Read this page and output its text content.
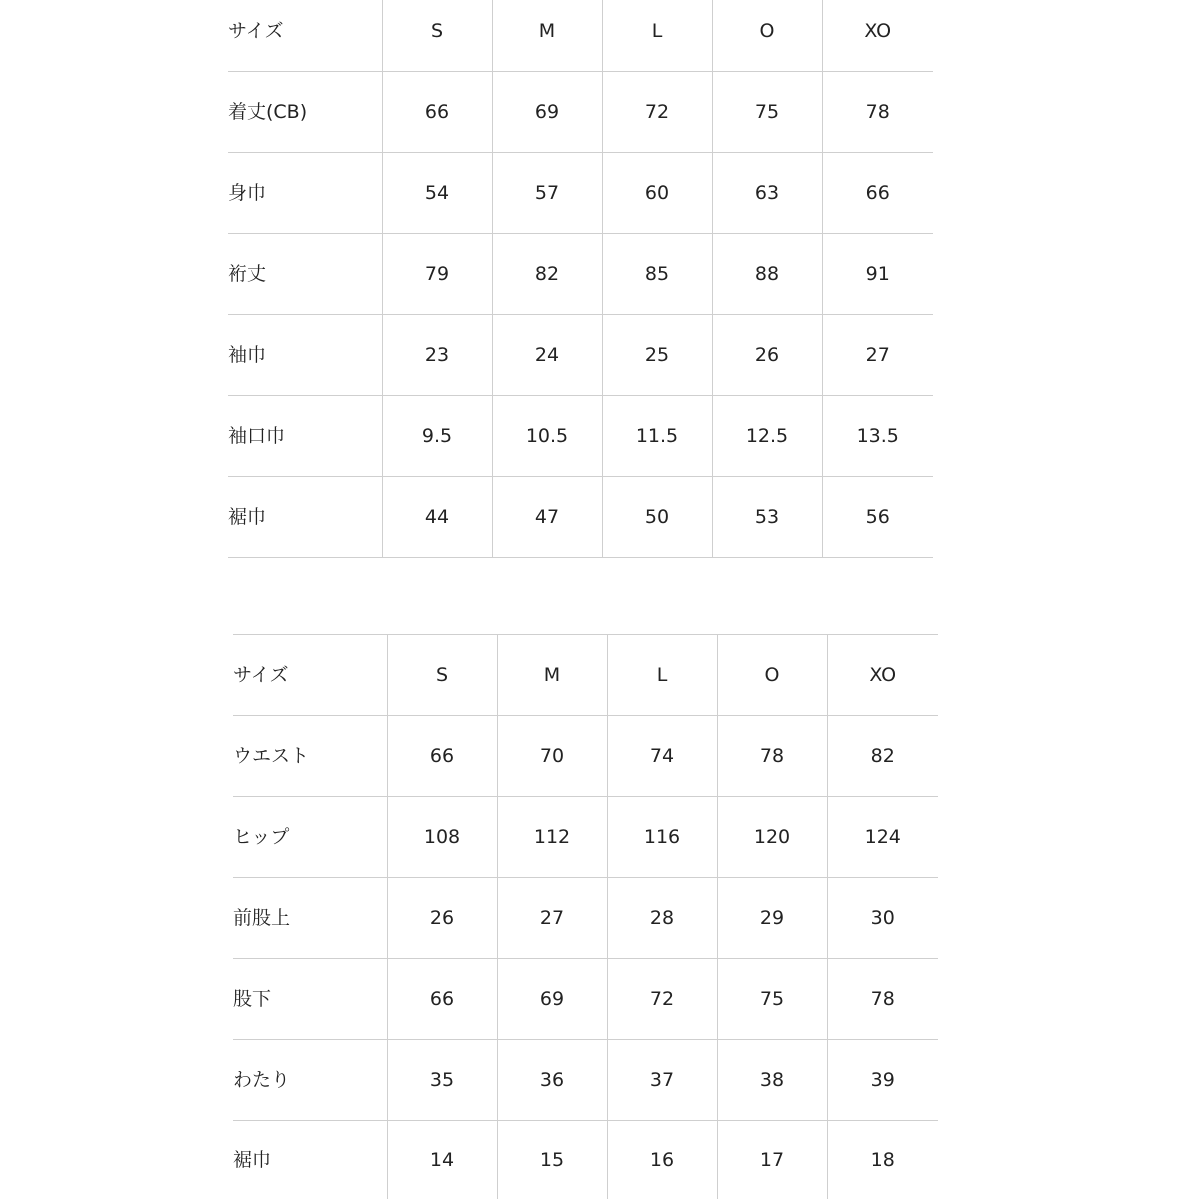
サイズ	S	M	L	O	XO
着丈(CB)	66	69	72	75	78
身巾	54	57	60	63	66
裄丈	79	82	85	88	91
袖巾	23	24	25	26	27
袖口巾	9.5	10.5	11.5	12.5	13.5
裾巾	44	47	50	53	56
サイズ	S	M	L	O	XO
ウエスト	66	70	74	78	82
ヒップ	108	112	116	120	124
前股上	26	27	28	29	30
股下	66	69	72	75	78
わたり	35	36	37	38	39
裾巾	14	15	16	17	18
